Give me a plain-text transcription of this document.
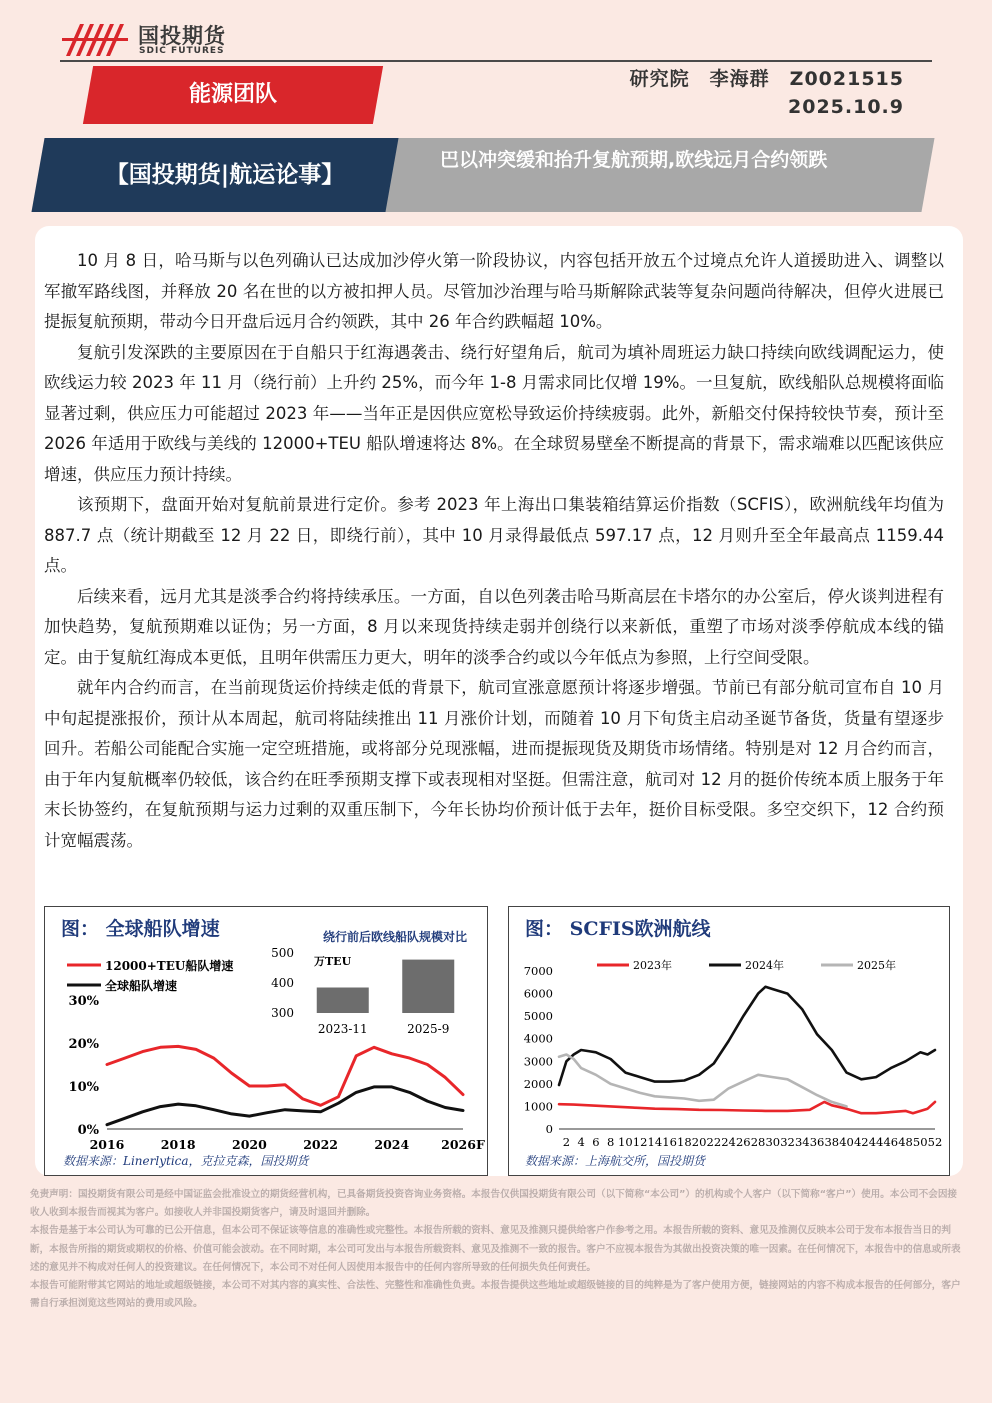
国投期货
SDIC FUTURES
能源团队
研究院　李海群　Z0021515
2025.10.9
【国投期货|航运论事】
巴以冲突缓和抬升复航预期,欧线远月合约领跌

10 月 8 日，哈马斯与以色列确认已达成加沙停火第一阶段协议，内容包括开放五个过境点允许人道援助进入、调整以军撤军路线图，并释放 20 名在世的以方被扣押人员。尽管加沙治理与哈马斯解除武装等复杂问题尚待解决，但停火进展已提振复航预期，带动今日开盘后远月合约领跌，其中 26 年合约跌幅超 10%。

复航引发深跌的主要原因在于自船只于红海遇袭击、绕行好望角后，航司为填补周班运力缺口持续向欧线调配运力，使欧线运力较 2023 年 11 月（绕行前）上升约 25%，而今年 1-8 月需求同比仅增 19%。一旦复航，欧线船队总规模将面临显著过剩，供应压力可能超过 2023 年——当年正是因供应宽松导致运价持续疲弱。此外，新船交付保持较快节奏，预计至 2026 年适用于欧线与美线的 12000+TEU 船队增速将达 8%。在全球贸易壁垒不断提高的背景下，需求端难以匹配该供应增速，供应压力预计持续。

该预期下，盘面开始对复航前景进行定价。参考 2023 年上海出口集装箱结算运价指数（SCFIS），欧洲航线年均值为 887.7 点（统计期截至 12 月 22 日，即绕行前），其中 10 月录得最低点 597.17 点，12 月则升至全年最高点 1159.44 点。

后续来看，远月尤其是淡季合约将持续承压。一方面，自以色列袭击哈马斯高层在卡塔尔的办公室后，停火谈判进程有加快趋势，复航预期难以证伪；另一方面，8 月以来现货持续走弱并创绕行以来新低，重塑了市场对淡季停航成本线的锚定。由于复航红海成本更低，且明年供需压力更大，明年的淡季合约或以今年低点为参照，上行空间受限。

就年内合约而言，在当前现货运价持续走低的背景下，航司宣涨意愿预计将逐步增强。节前已有部分航司宣布自 10 月中旬起提涨报价，预计从本周起，航司将陆续推出 11 月涨价计划，而随着 10 月下旬货主启动圣诞节备货，货量有望逐步回升。若船公司能配合实施一定空班措施，或将部分兑现涨幅，进而提振现货及期货市场情绪。特别是对 12 月合约而言，由于年内复航概率仍较低，该合约在旺季预期支撑下或表现相对坚挺。但需注意，航司对 12 月的挺价传统本质上服务于年末长协签约，在复航预期与运力过剩的双重压制下，今年长协均价预计低于去年，挺价目标受限。多空交织下，12 合约预计宽幅震荡。

图： 全球船队增速
0%
10%
20%
30%
2016	2018	2020	2022	2024	2026F
12000+TEU船队增速
全球船队增速
绕行前后欧线船队规模对比
300
400
500
万TEU
2023-11	2025-9
数据来源：Linerlytica，克拉克森，国投期货
图： SCFIS欧洲航线
2023年	2024年	2025年
0
1000
2000
3000
4000
5000
6000
7000
2 4 6 8 10 12 14 16 18 20 22 24 26 28 30 32 34 36 38 40 42 44 46 48 50 52
数据来源：上海航交所，国投期货

免责声明：国投期货有限公司是经中国证监会批准设立的期货经营机构，已具备期货投资咨询业务资格。本报告仅供国投期货有限公司（以下简称“本公司”）的机构或个人客户（以下简称“客户”）使用。本公司不会因接收人收到本报告而视其为客户。如接收人并非国投期货客户，请及时退回并删除。

本报告是基于本公司认为可靠的已公开信息，但本公司不保证该等信息的准确性或完整性。本报告所载的资料、意见及推测只提供给客户作参考之用。本报告所载的资料、意见及推测仅反映本公司于发布本报告当日的判断，本报告所指的期货或期权的价格、价值可能会波动。在不同时期，本公司可发出与本报告所载资料、意见及推测不一致的报告。客户不应视本报告为其做出投资决策的唯一因素。在任何情况下，本报告中的信息或所表述的意见并不构成对任何人的投资建议。在任何情况下，本公司不对任何人因使用本报告中的任何内容所导致的任何损失负任何责任。

本报告可能附带其它网站的地址或超级链接，本公司不对其内容的真实性、合法性、完整性和准确性负责。本报告提供这些地址或超级链接的目的纯粹是为了客户使用方便，链接网站的内容不构成本报告的任何部分，客户需自行承担浏览这些网站的费用或风险。
